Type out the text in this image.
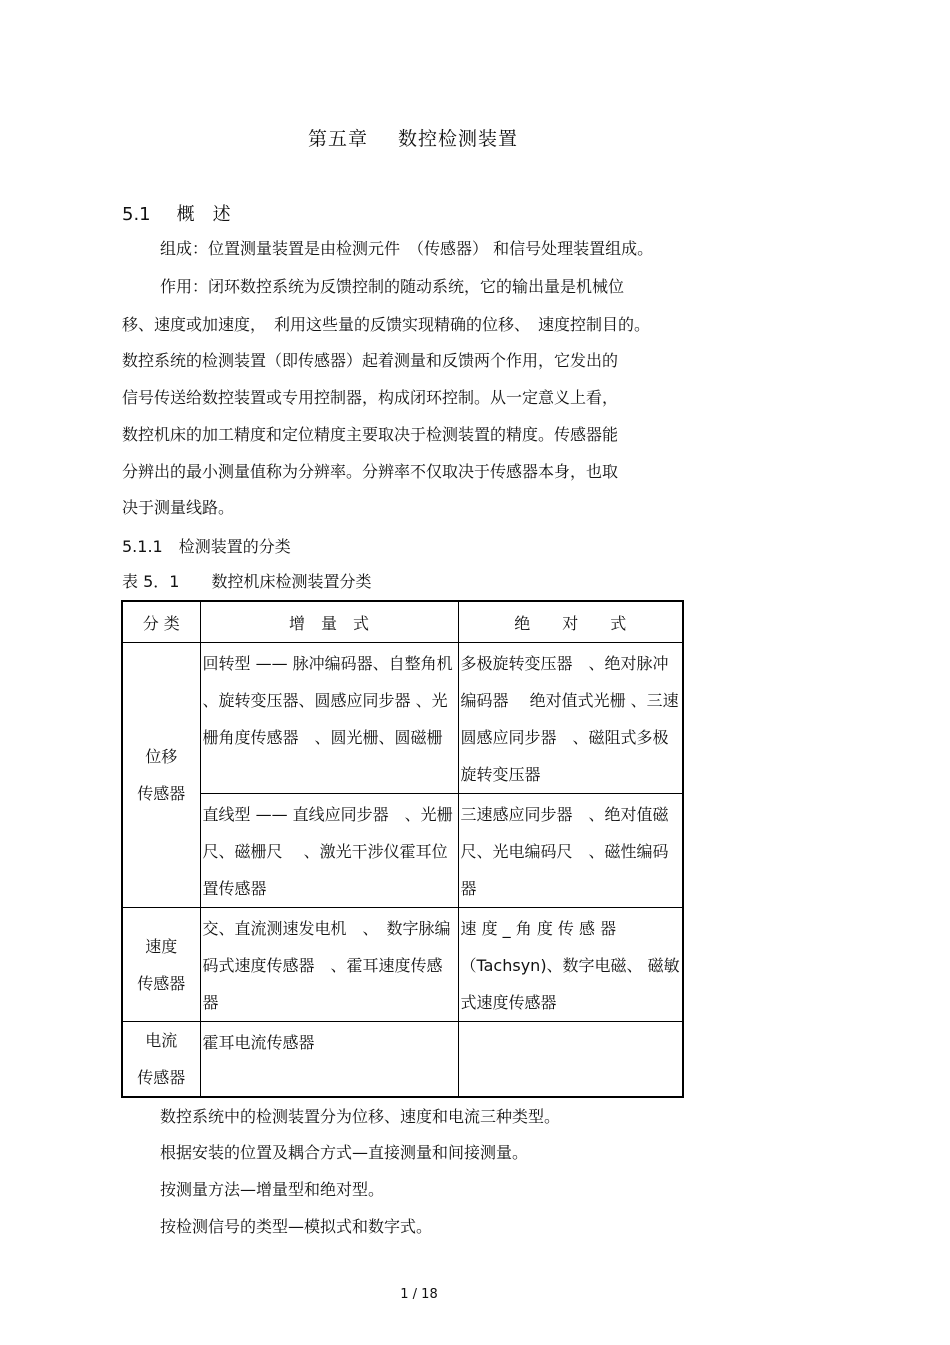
第五章 数控检测装置
5.1 概　述
组成：位置测量装置是由检测元件　（传感器） 和信号处理装置组成。
作用：闭环数控系统为反馈控制的随动系统，它的输出量是机械位
移、速度或加速度，　利用这些量的反馈实现精确的位移、　速度控制目的。
数控系统的检测装置（即传感器）起着测量和反馈两个作用，它发出的
信号传送给数控装置或专用控制器，构成闭环控制。从一定意义上看，
数控机床的加工精度和定位精度主要取决于检测装置的精度。传感器能
分辨出的最小测量值称为分辨率。分辨率不仅取决于传感器本身，也取
决于测量线路。
5.1.1　检测装置的分类
表 5．1　　数控机床检测装置分类
分 类	增　量　式	绝　　对　　式
位移
传感器	回转型 —— 脉冲编码器、自整角机 、旋转变压器、圆感应同步器 、光栅角度传感器　、圆光栅、圆磁栅	多极旋转变压器　、绝对脉冲编码器　 绝对值式光栅 、三速圆感应同步器　、磁阻式多极旋转变压器
	直线型 —— 直线应同步器　、光栅尺、磁栅尺　 、激光干涉仪霍耳位置传感器	三速感应同步器　、绝对值磁尺、光电编码尺　、磁性编码器
速度
传感器	交、直流测速发电机　、　数字脉编码式速度传感器　、霍耳速度传感器	速 度 _ 角 度 传 感 器（Tachsyn)、数字电磁、 磁敏式速度传感器
电流
传感器	霍耳电流传感器	
数控系统中的检测装置分为位移、速度和电流三种类型。
根据安装的位置及耦合方式—直接测量和间接测量。
按测量方法—增量型和绝对型。
按检测信号的类型—模拟式和数字式。
1 / 18
